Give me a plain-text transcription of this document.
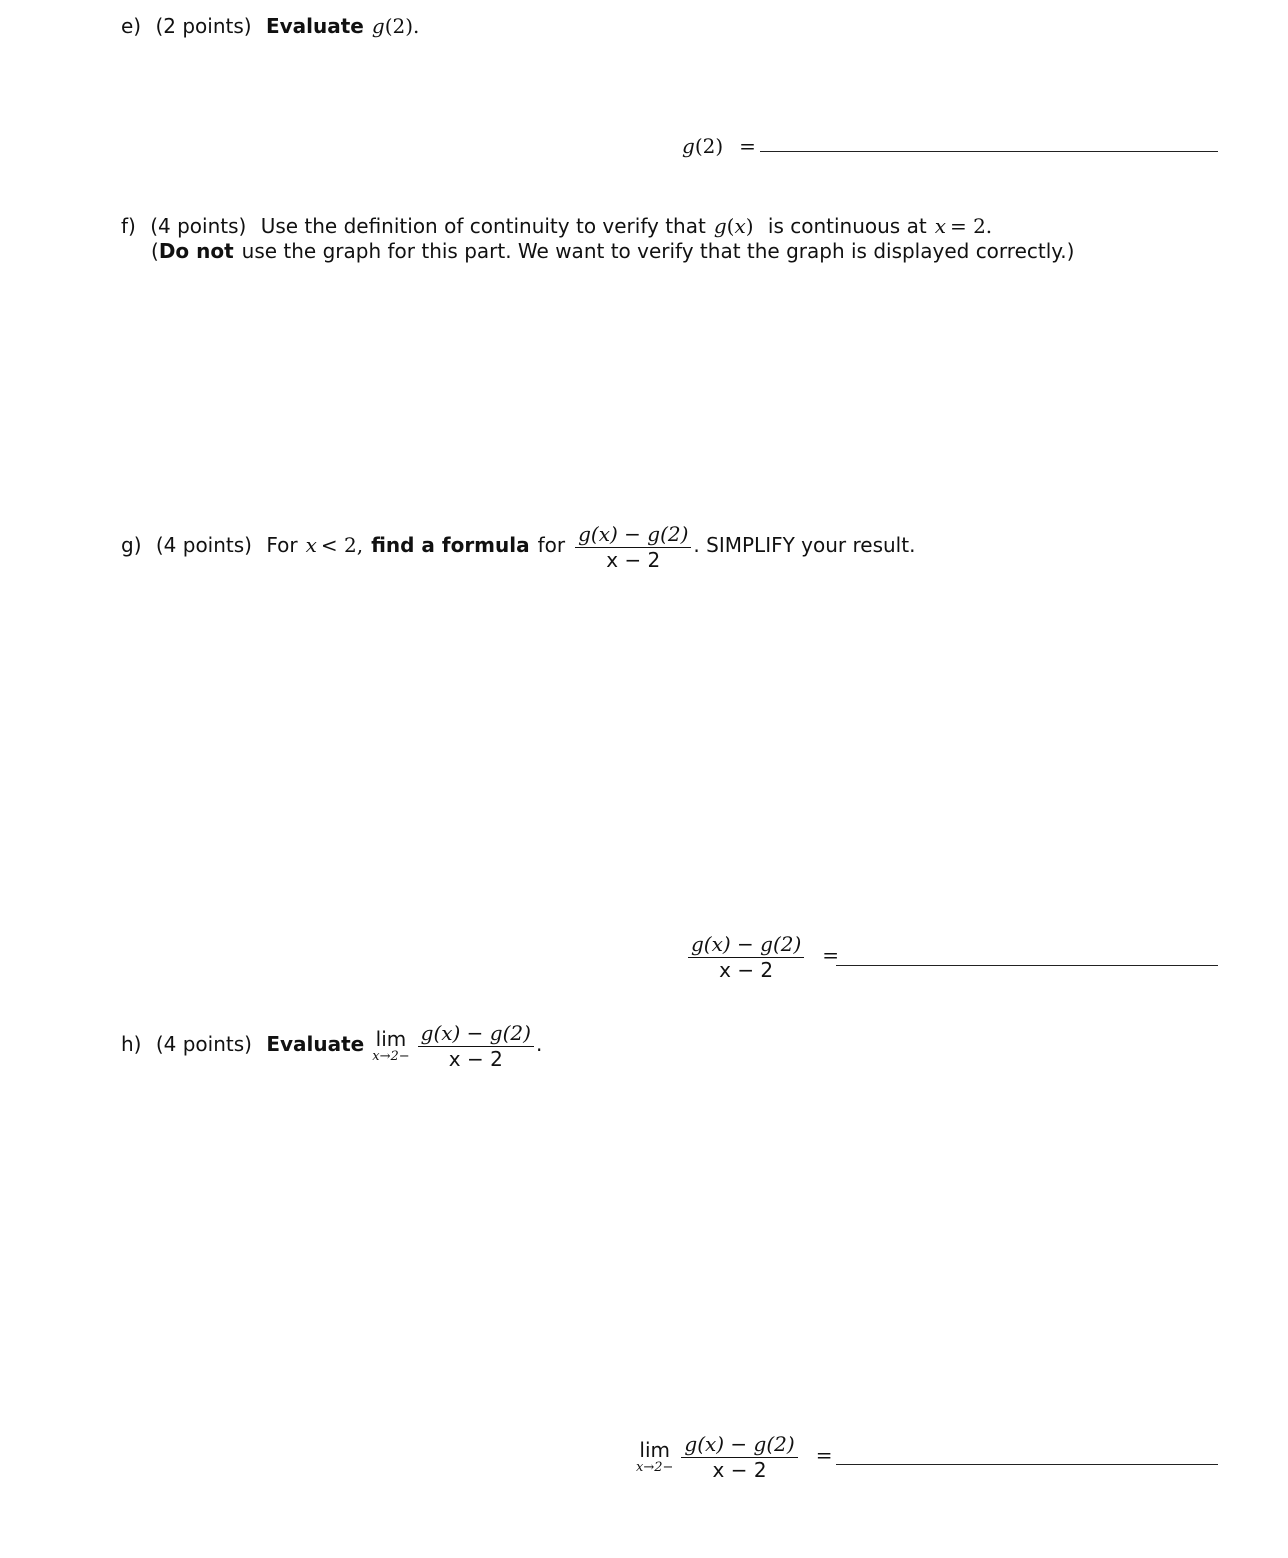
e) (2 points) Evaluate g(2).
g(2) =
f) (4 points) Use the definition of continuity to verify that g(x) is continuous at x = 2.
(Do not use the graph for this part. We want to verify that the graph is displayed correctly.)
g) (4 points) For x < 2, find a formula for $\frac{g(x) - g(2)}{x - 2}$ . SIMPLIFY your result.
$\frac{g(x) - g(2)}{x - 2}$ =
h) (4 points) Evaluate lim
$x\to 2- \frac{g(x) - g(2)}{x - 2}$ .
lim
$x\to 2- \frac{g(x) - g(2)}{x - 2}$ =
